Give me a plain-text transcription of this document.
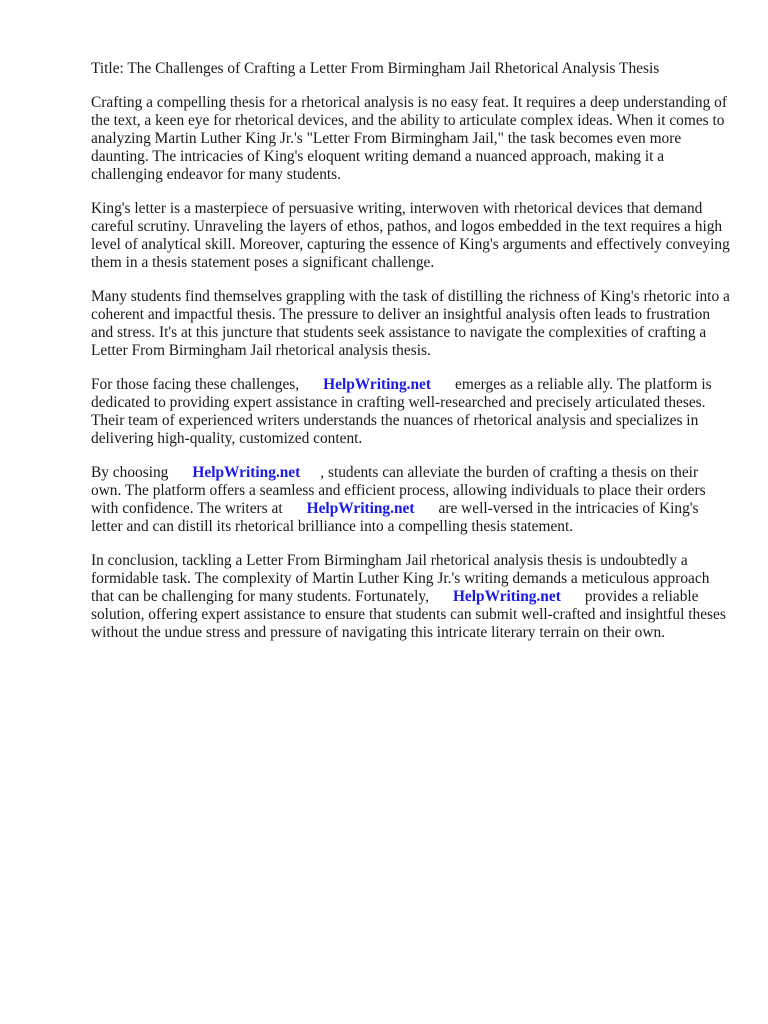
Title: The Challenges of Crafting a Letter From Birmingham Jail Rhetorical Analysis Thesis

Crafting a compelling thesis for a rhetorical analysis is no easy feat. It requires a deep understanding of the text, a keen eye for rhetorical devices, and the ability to articulate complex ideas. When it comes to analyzing Martin Luther King Jr.'s "Letter From Birmingham Jail," the task becomes even more daunting. The intricacies of King's eloquent writing demand a nuanced approach, making it a challenging endeavor for many students.

King's letter is a masterpiece of persuasive writing, interwoven with rhetorical devices that demand careful scrutiny. Unraveling the layers of ethos, pathos, and logos embedded in the text requires a high level of analytical skill. Moreover, capturing the essence of King's arguments and effectively conveying them in a thesis statement poses a significant challenge.

Many students find themselves grappling with the task of distilling the richness of King's rhetoric into a coherent and impactful thesis. The pressure to deliver an insightful analysis often leads to frustration and stress. It's at this juncture that students seek assistance to navigate the complexities of crafting a Letter From Birmingham Jail rhetorical analysis thesis.

For those facing these challenges, HelpWriting.net emerges as a reliable ally. The platform is dedicated to providing expert assistance in crafting well-researched and precisely articulated theses. Their team of experienced writers understands the nuances of rhetorical analysis and specializes in delivering high-quality, customized content.

By choosing HelpWriting.net , students can alleviate the burden of crafting a thesis on their own. The platform offers a seamless and efficient process, allowing individuals to place their orders with confidence. The writers at HelpWriting.net are well-versed in the intricacies of King's letter and can distill its rhetorical brilliance into a compelling thesis statement.

In conclusion, tackling a Letter From Birmingham Jail rhetorical analysis thesis is undoubtedly a formidable task. The complexity of Martin Luther King Jr.'s writing demands a meticulous approach that can be challenging for many students. Fortunately, HelpWriting.net provides a reliable solution, offering expert assistance to ensure that students can submit well-crafted and insightful theses without the undue stress and pressure of navigating this intricate literary terrain on their own.
